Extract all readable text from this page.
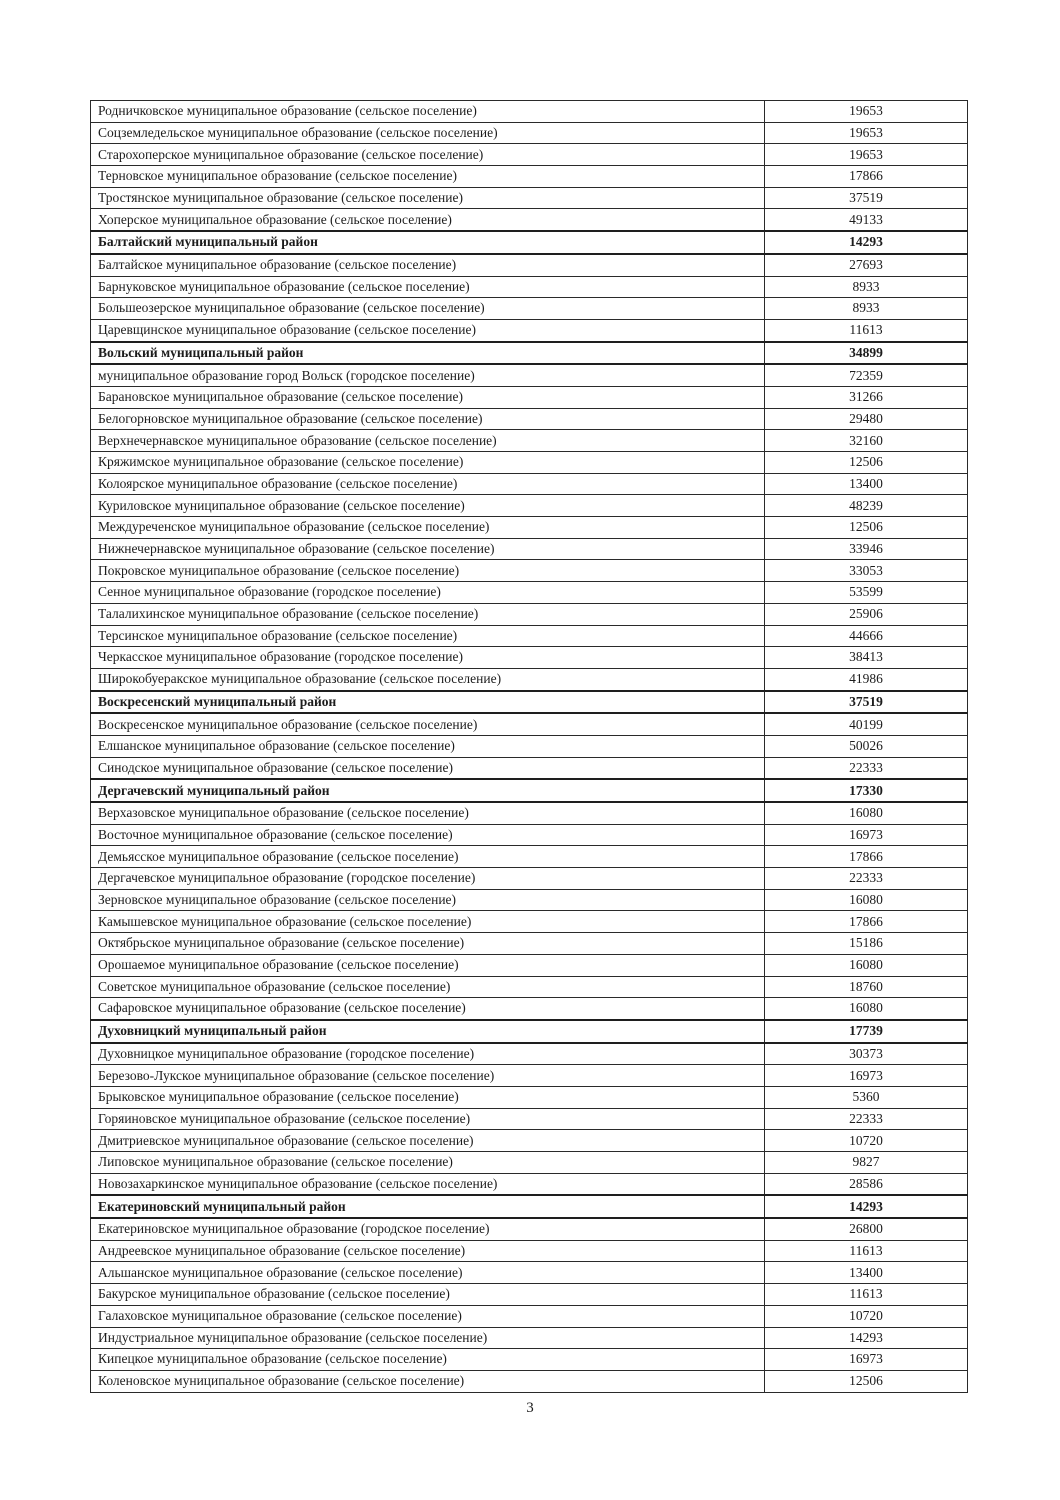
Родничковское муниципальное образование (сельское поселение)	19653
Соцземледельское муниципальное образование (сельское поселение)	19653
Старохоперское муниципальное образование (сельское поселение)	19653
Терновское муниципальное образование (сельское поселение)	17866
Тростянское муниципальное образование (сельское поселение)	37519
Хоперское муниципальное образование (сельское поселение)	49133
Балтайский муниципальный район	14293
Балтайское муниципальное образование (сельское поселение)	27693
Барнуковское муниципальное образование (сельское поселение)	8933
Большеозерское муниципальное образование (сельское поселение)	8933
Царевщинское муниципальное образование (сельское поселение)	11613
Вольский муниципальный район	34899
муниципальное образование город Вольск (городское поселение)	72359
Барановское муниципальное образование (сельское поселение)	31266
Белогорновское муниципальное образование (сельское поселение)	29480
Верхнечернавское муниципальное образование (сельское поселение)	32160
Кряжимское муниципальное образование (сельское поселение)	12506
Колоярское муниципальное образование (сельское поселение)	13400
Куриловское муниципальное образование (сельское поселение)	48239
Междуреченское муниципальное образование (сельское поселение)	12506
Нижнечернавское муниципальное образование (сельское поселение)	33946
Покровское муниципальное образование (сельское поселение)	33053
Сенное муниципальное образование (городское поселение)	53599
Талалихинское муниципальное образование (сельское поселение)	25906
Терсинское муниципальное образование (сельское поселение)	44666
Черкасское муниципальное образование (городское поселение)	38413
Широкобуеракское муниципальное образование (сельское поселение)	41986
Воскресенский муниципальный район	37519
Воскресенское муниципальное образование (сельское поселение)	40199
Елшанское муниципальное образование (сельское поселение)	50026
Синодское муниципальное образование (сельское поселение)	22333
Дергачевский муниципальный район	17330
Верхазовское муниципальное образование (сельское поселение)	16080
Восточное муниципальное образование (сельское поселение)	16973
Демьясское муниципальное образование (сельское поселение)	17866
Дергачевское муниципальное образование (городское поселение)	22333
Зерновское муниципальное образование (сельское поселение)	16080
Камышевское муниципальное образование (сельское поселение)	17866
Октябрьское муниципальное образование (сельское поселение)	15186
Орошаемое муниципальное образование (сельское поселение)	16080
Советское муниципальное образование (сельское поселение)	18760
Сафаровское муниципальное образование (сельское поселение)	16080
Духовницкий муниципальный район	17739
Духовницкое муниципальное образование (городское поселение)	30373
Березово-Лукское муниципальное образование (сельское поселение)	16973
Брыковское муниципальное образование (сельское поселение)	5360
Горяиновское муниципальное образование (сельское поселение)	22333
Дмитриевское муниципальное образование (сельское поселение)	10720
Липовское муниципальное образование (сельское поселение)	9827
Новозахаркинское муниципальное образование (сельское поселение)	28586
Екатериновский муниципальный район	14293
Екатериновское муниципальное образование (городское поселение)	26800
Андреевское муниципальное образование (сельское поселение)	11613
Альшанское муниципальное образование (сельское поселение)	13400
Бакурское муниципальное образование (сельское поселение)	11613
Галаховское муниципальное образование (сельское поселение)	10720
Индустриальное муниципальное образование (сельское поселение)	14293
Кипецкое муниципальное образование (сельское поселение)	16973
Коленовское муниципальное образование (сельское поселение)	12506
3
